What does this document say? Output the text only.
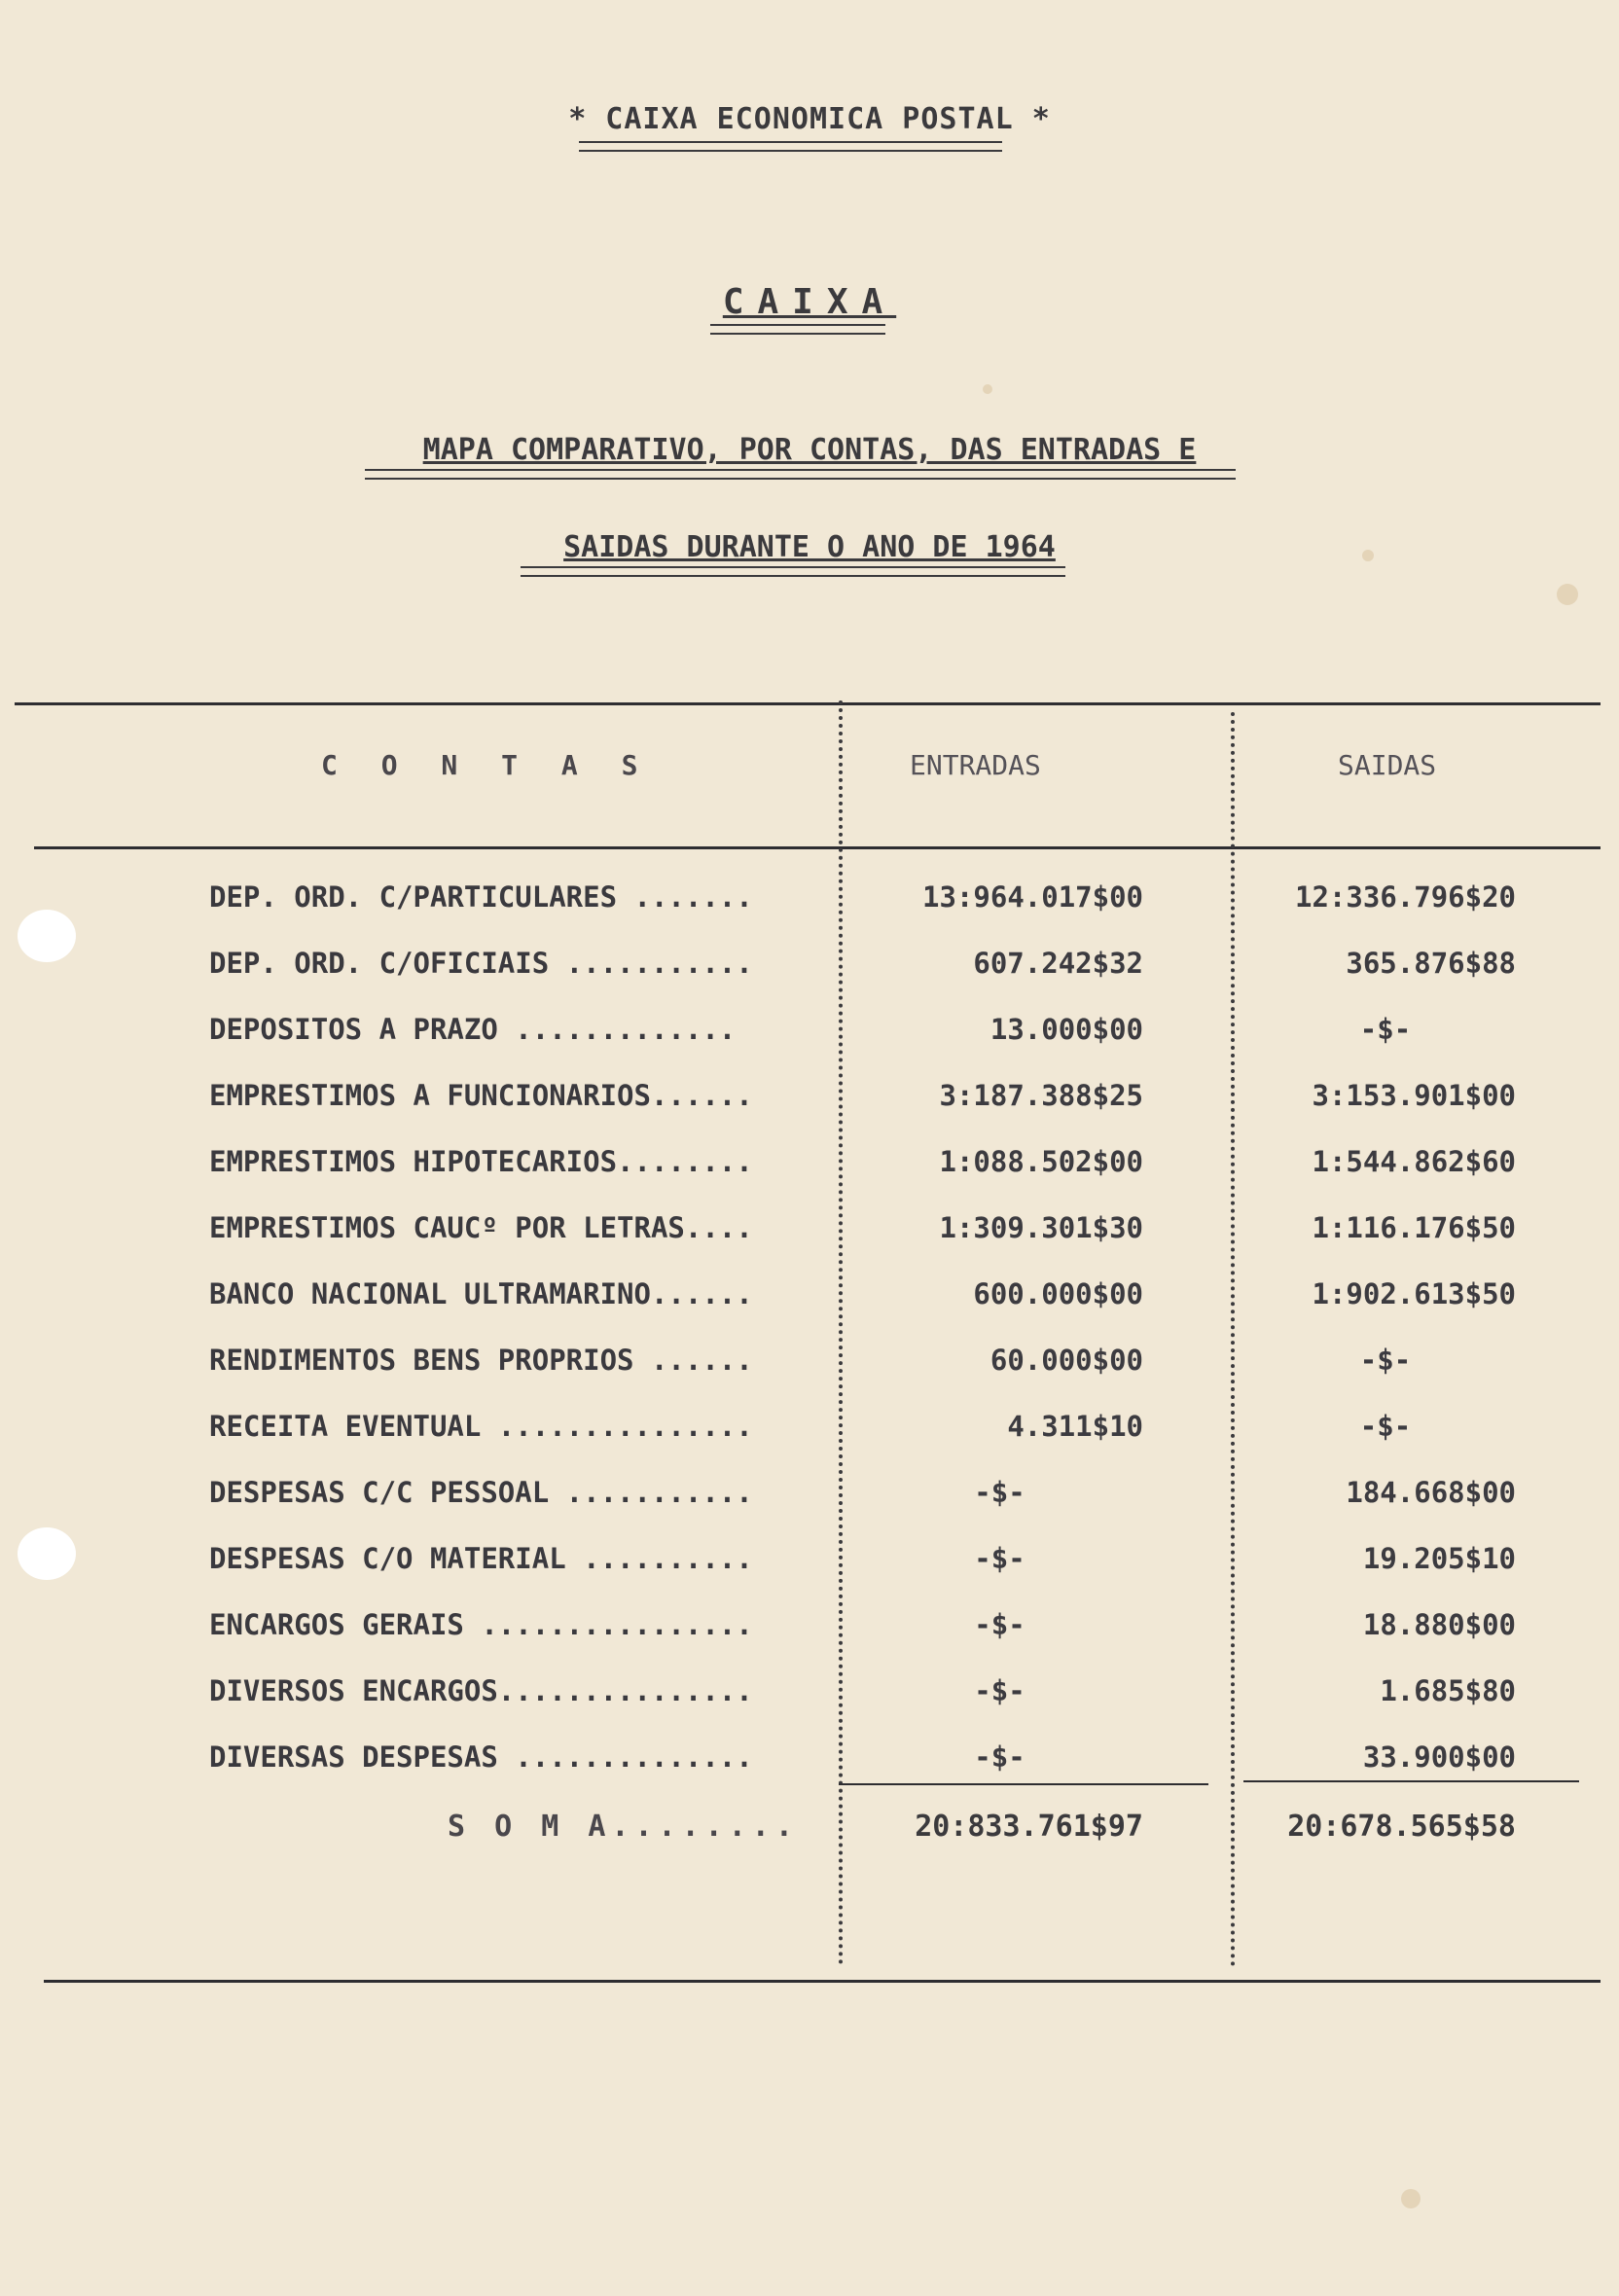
* CAIXA ECONOMICA POSTAL *
CAIXA
MAPA COMPARATIVO, POR CONTAS, DAS ENTRADAS E
SAIDAS DURANTE O ANO DE 1964
C O N T A S	ENTRADAS	SAIDAS
DEP. ORD. C/PARTICULARES .......	13:964.017$00	12:336.796$20
DEP. ORD. C/OFICIAIS ...........	607.242$32	365.876$88
DEPOSITOS A PRAZO .............	13.000$00	-$-
EMPRESTIMOS A FUNCIONARIOS......	3:187.388$25	3:153.901$00
EMPRESTIMOS HIPOTECARIOS........	1:088.502$00	1:544.862$60
EMPRESTIMOS CAUCº POR LETRAS....	1:309.301$30	1:116.176$50
BANCO NACIONAL ULTRAMARINO......	600.000$00	1:902.613$50
RENDIMENTOS BENS PROPRIOS ......	60.000$00	-$-
RECEITA EVENTUAL ...............	4.311$10	-$-
DESPESAS C/C PESSOAL ...........	-$-	184.668$00
DESPESAS C/O MATERIAL ..........	-$-	19.205$10
ENCARGOS GERAIS ................	-$-	18.880$00
DIVERSOS ENCARGOS...............	-$-	1.685$80
DIVERSAS DESPESAS ..............	-$-	33.900$00
S O M A........	20:833.761$97	20:678.565$58
